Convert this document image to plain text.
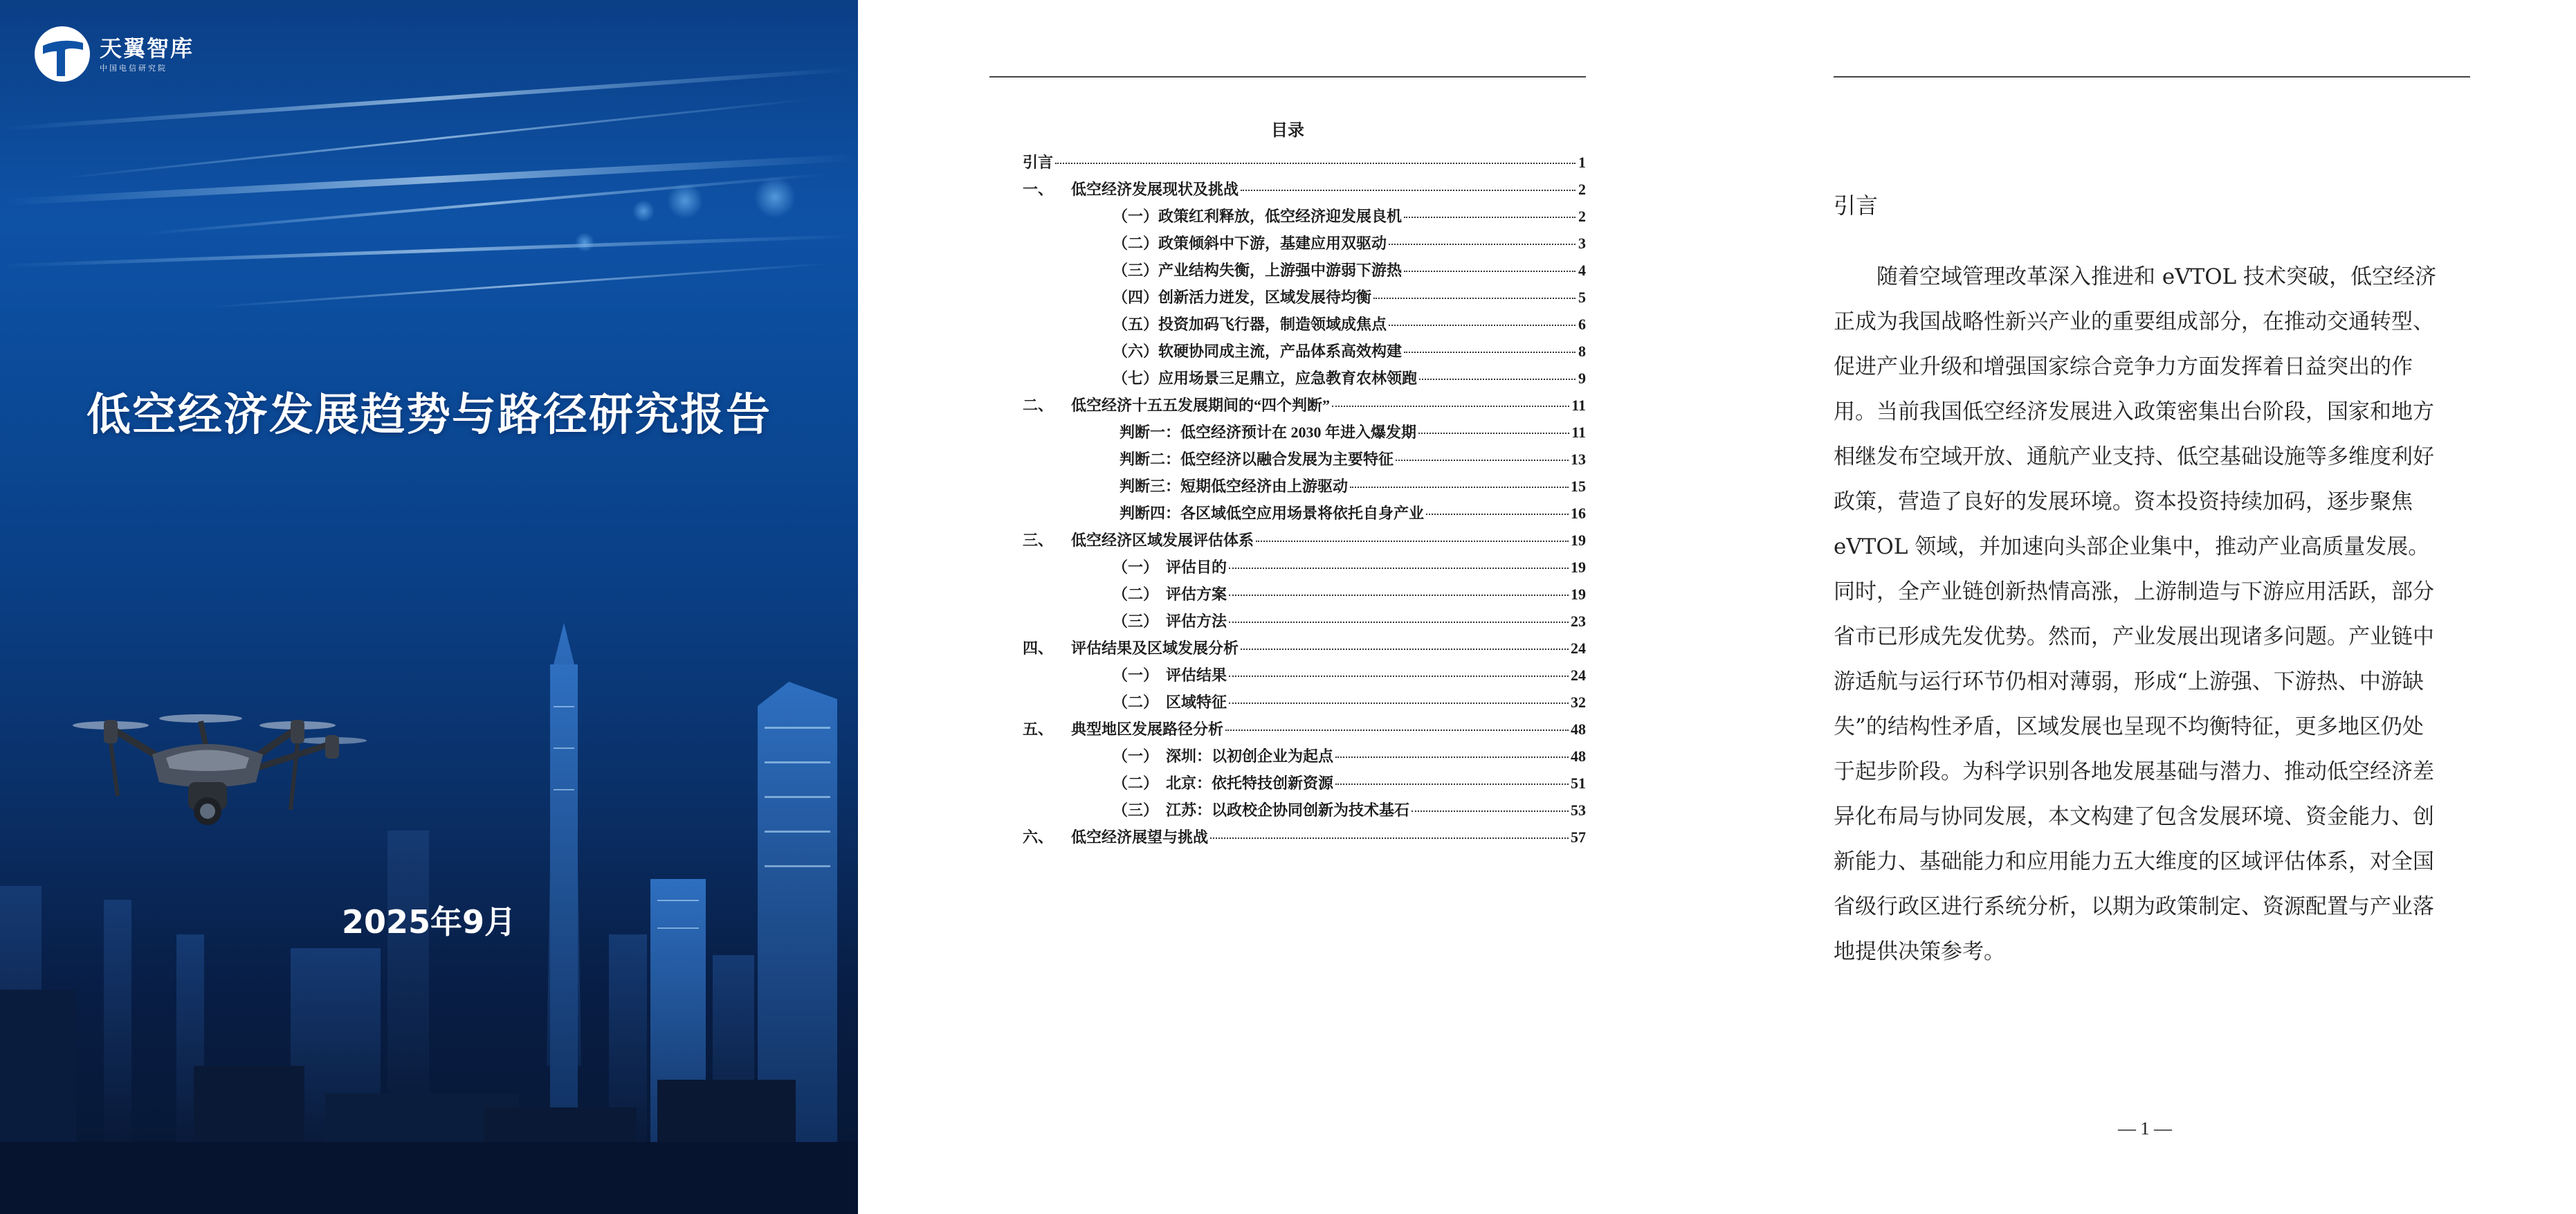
天翼智库
中国电信研究院
低空经济发展趋势与路径研究报告
2025年9月
目录
引言	1
一、	低空经济发展现状及挑战	2
（一）政策红利释放，低空经济迎发展良机	2
（二）政策倾斜中下游，基建应用双驱动	3
（三）产业结构失衡，上游强中游弱下游热	4
（四）创新活力迸发，区域发展待均衡	5
（五）投资加码飞行器，制造领域成焦点	6
（六）软硬协同成主流，产品体系高效构建	8
（七）应用场景三足鼎立，应急教育农林领跑	9
二、	低空经济十五五发展期间的“四个判断”	11
判断一：低空经济预计在 2030 年进入爆发期	11
判断二：低空经济以融合发展为主要特征	13
判断三：短期低空经济由上游驱动	15
判断四：各区域低空应用场景将依托自身产业	16
三、	低空经济区域发展评估体系	19
（一）　评估目的	19
（二）　评估方案	19
（三）　评估方法	23
四、	评估结果及区域发展分析	24
（一）　评估结果	24
（二）　区域特征	32
五、	典型地区发展路径分析	48
（一）　深圳：以初创企业为起点	48
（二）　北京：依托特技创新资源	51
（三）　江苏：以政校企协同创新为技术基石	53
六、	低空经济展望与挑战	57
引言
随着空域管理改革深入推进和 eVTOL 技术突破，低空经济
正成为我国战略性新兴产业的重要组成部分，在推动交通转型、
促进产业升级和增强国家综合竞争力方面发挥着日益突出的作
用。当前我国低空经济发展进入政策密集出台阶段，国家和地方
相继发布空域开放、通航产业支持、低空基础设施等多维度利好
政策，营造了良好的发展环境。资本投资持续加码，逐步聚焦
eVTOL 领域，并加速向头部企业集中，推动产业高质量发展。
同时，全产业链创新热情高涨，上游制造与下游应用活跃，部分
省市已形成先发优势。然而，产业发展出现诸多问题。产业链中
游适航与运行环节仍相对薄弱，形成“上游强、下游热、中游缺
失”的结构性矛盾，区域发展也呈现不均衡特征，更多地区仍处
于起步阶段。为科学识别各地发展基础与潜力、推动低空经济差
异化布局与协同发展，本文构建了包含发展环境、资金能力、创
新能力、基础能力和应用能力五大维度的区域评估体系，对全国
省级行政区进行系统分析，以期为政策制定、资源配置与产业落
地提供决策参考。
— 1 —
